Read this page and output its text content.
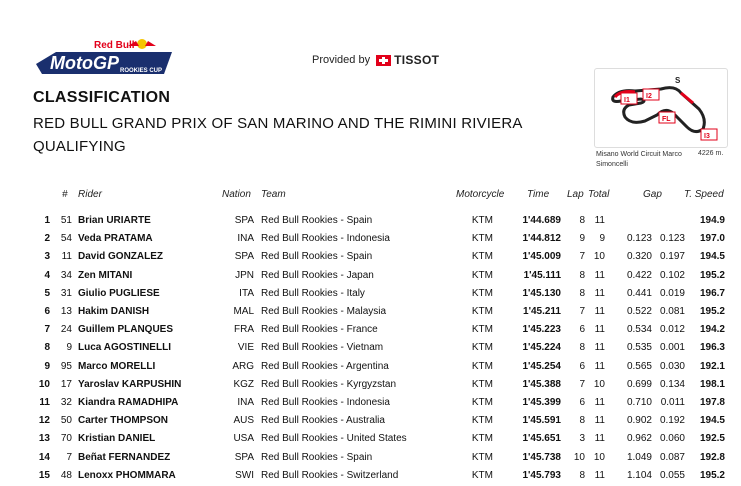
Red Bull
MotoGP ROOKIES CUP
Provided by TISSOT
CLASSIFICATION
RED BULL GRAND PRIX OF SAN MARINO AND THE RIMINI RIVIERA
QUALIFYING
S
I1
I2
FL
I3
Misano World Circuit Marco Simoncelli
4226 m.
# Rider	Nation Team	Motorcycle Time Lap Total	Gap T. Speed
1	51 Brian URIARTE	SPA Red Bull Rookies - Spain	KTM	1'44.689	8 11	194.9
2	54 Veda PRATAMA	INA Red Bull Rookies - Indonesia	KTM	1'44.812	9	9	0.123 0.123	197.0
3	11 David GONZALEZ	SPA Red Bull Rookies - Spain	KTM	1'45.009	7 10	0.320 0.197	194.5
4	34 Zen MITANI	JPN Red Bull Rookies - Japan	KTM	1'45.111	8 11	0.422 0.102	195.2
5	31 Giulio PUGLIESE	ITA Red Bull Rookies - Italy	KTM	1'45.130	8 11	0.441 0.019	196.7
6	13 Hakim DANISH	MAL Red Bull Rookies - Malaysia	KTM	1'45.211	7 11	0.522 0.081	195.2
7	24 Guillem PLANQUES	FRA Red Bull Rookies - France	KTM	1'45.223	6 11	0.534 0.012	194.2
8	9 Luca AGOSTINELLI	VIE Red Bull Rookies - Vietnam	KTM	1'45.224	8 11	0.535 0.001	196.3
9	95 Marco MORELLI	ARG Red Bull Rookies - Argentina	KTM	1'45.254	6 11	0.565 0.030	192.1
10	17 Yaroslav KARPUSHIN	KGZ Red Bull Rookies - Kyrgyzstan	KTM	1'45.388	7 10	0.699 0.134	198.1
11	32 Kiandra RAMADHIPA	INA Red Bull Rookies - Indonesia	KTM	1'45.399	6 11	0.710 0.011	197.8
12	50 Carter THOMPSON	AUS Red Bull Rookies - Australia	KTM	1'45.591	8 11	0.902 0.192	194.5
13	70 Kristian DANIEL	USA Red Bull Rookies - United States	KTM	1'45.651	3 11	0.962 0.060	192.5
14	7 Beñat FERNANDEZ	SPA Red Bull Rookies - Spain	KTM	1'45.738 10 10	1.049 0.087	192.8
15	48 Lenoxx PHOMMARA	SWI Red Bull Rookies - Switzerland	KTM	1'45.793	8 11	1.104 0.055	195.2
